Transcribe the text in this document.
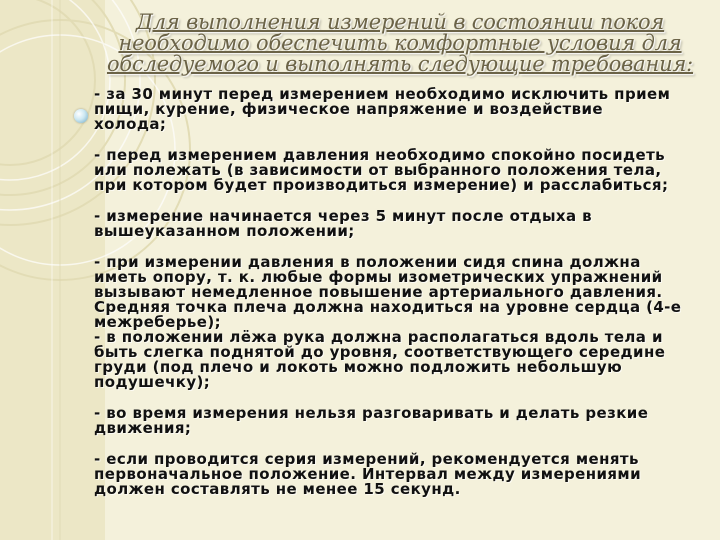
Для выполнения измерений в состоянии покоя
необходимо обеспечить комфортные условия для
обследуемого и выполнять следующие требования:
- за 30 минут перед измерением необходимо исключить прием
пищи, курение, физическое напряжение и воздействие
холода;
- перед измерением давления необходимо спокойно посидеть
или полежать (в зависимости от выбранного положения тела,
при котором будет производиться измерение) и расслабиться;
- измерение начинается через 5 минут после отдыха в
вышеуказанном положении;
- при измерении давления в положении сидя спина должна
иметь опору, т. к. любые формы изометрических упражнений
вызывают немедленное повышение артериального давления.
Средняя точка плеча должна находиться на уровне сердца (4-е
межреберье);
- в положении лёжа рука должна располагаться вдоль тела и
быть слегка поднятой до уровня, соответствующего середине
груди (под плечо и локоть можно подложить небольшую
подушечку);
- во время измерения нельзя разговаривать и делать резкие
движения;
- если проводится серия измерений, рекомендуется менять
первоначальное положение. Интервал между измерениями
должен составлять не менее 15 секунд.
